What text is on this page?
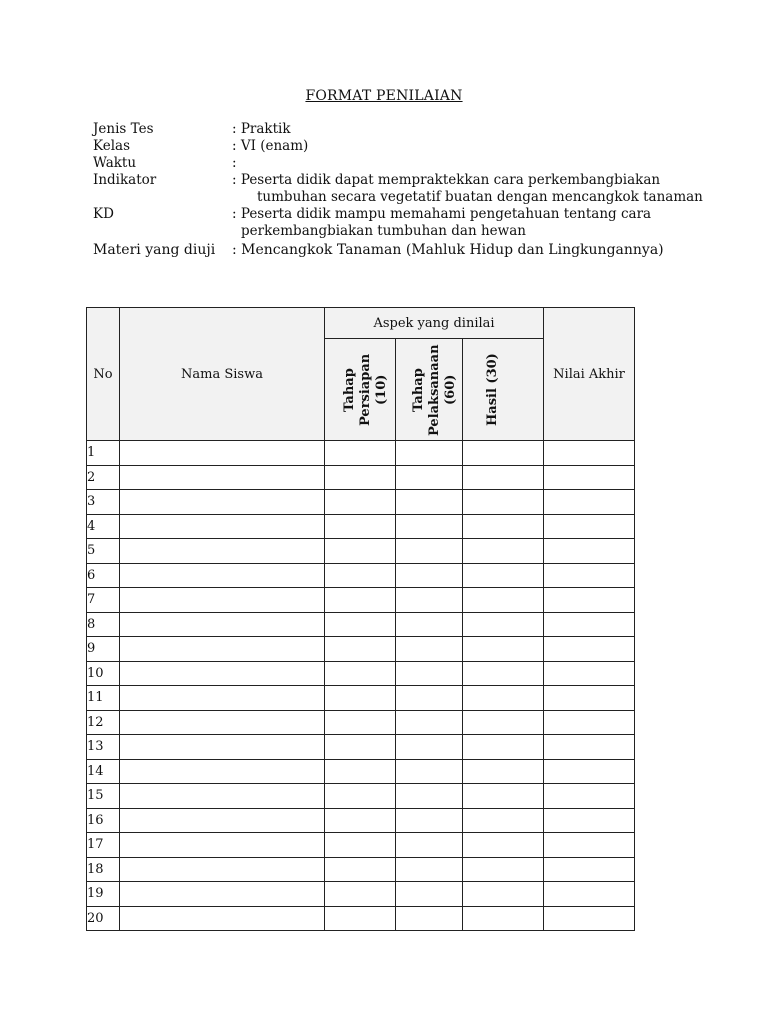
FORMAT PENILAIAN
Jenis Tes	: Praktik
Kelas	: VI (enam)
Waktu	:
Indikator	: Peserta didik dapat mempraktekkan cara perkembangbiakan
tumbuhan secara vegetatif buatan dengan mencangkok tanaman
KD	: Peserta didik mampu memahami pengetahuan tentang cara
perkembangbiakan tumbuhan dan hewan
Materi yang diuji	: Mencangkok Tanaman (Mahluk Hidup dan Lingkungannya)
No	Nama Siswa	Aspek yang dinilai			Nilai Akhir

		Tahap Persiapan (10)	Tahap Pelaksanaan (60)	Hasil (30)	

1					
2					
3					
4					
5					
6					
7					
8					
9					
10					
11					
12					
13					
14					
15					
16					
17					
18					
19					
20					
